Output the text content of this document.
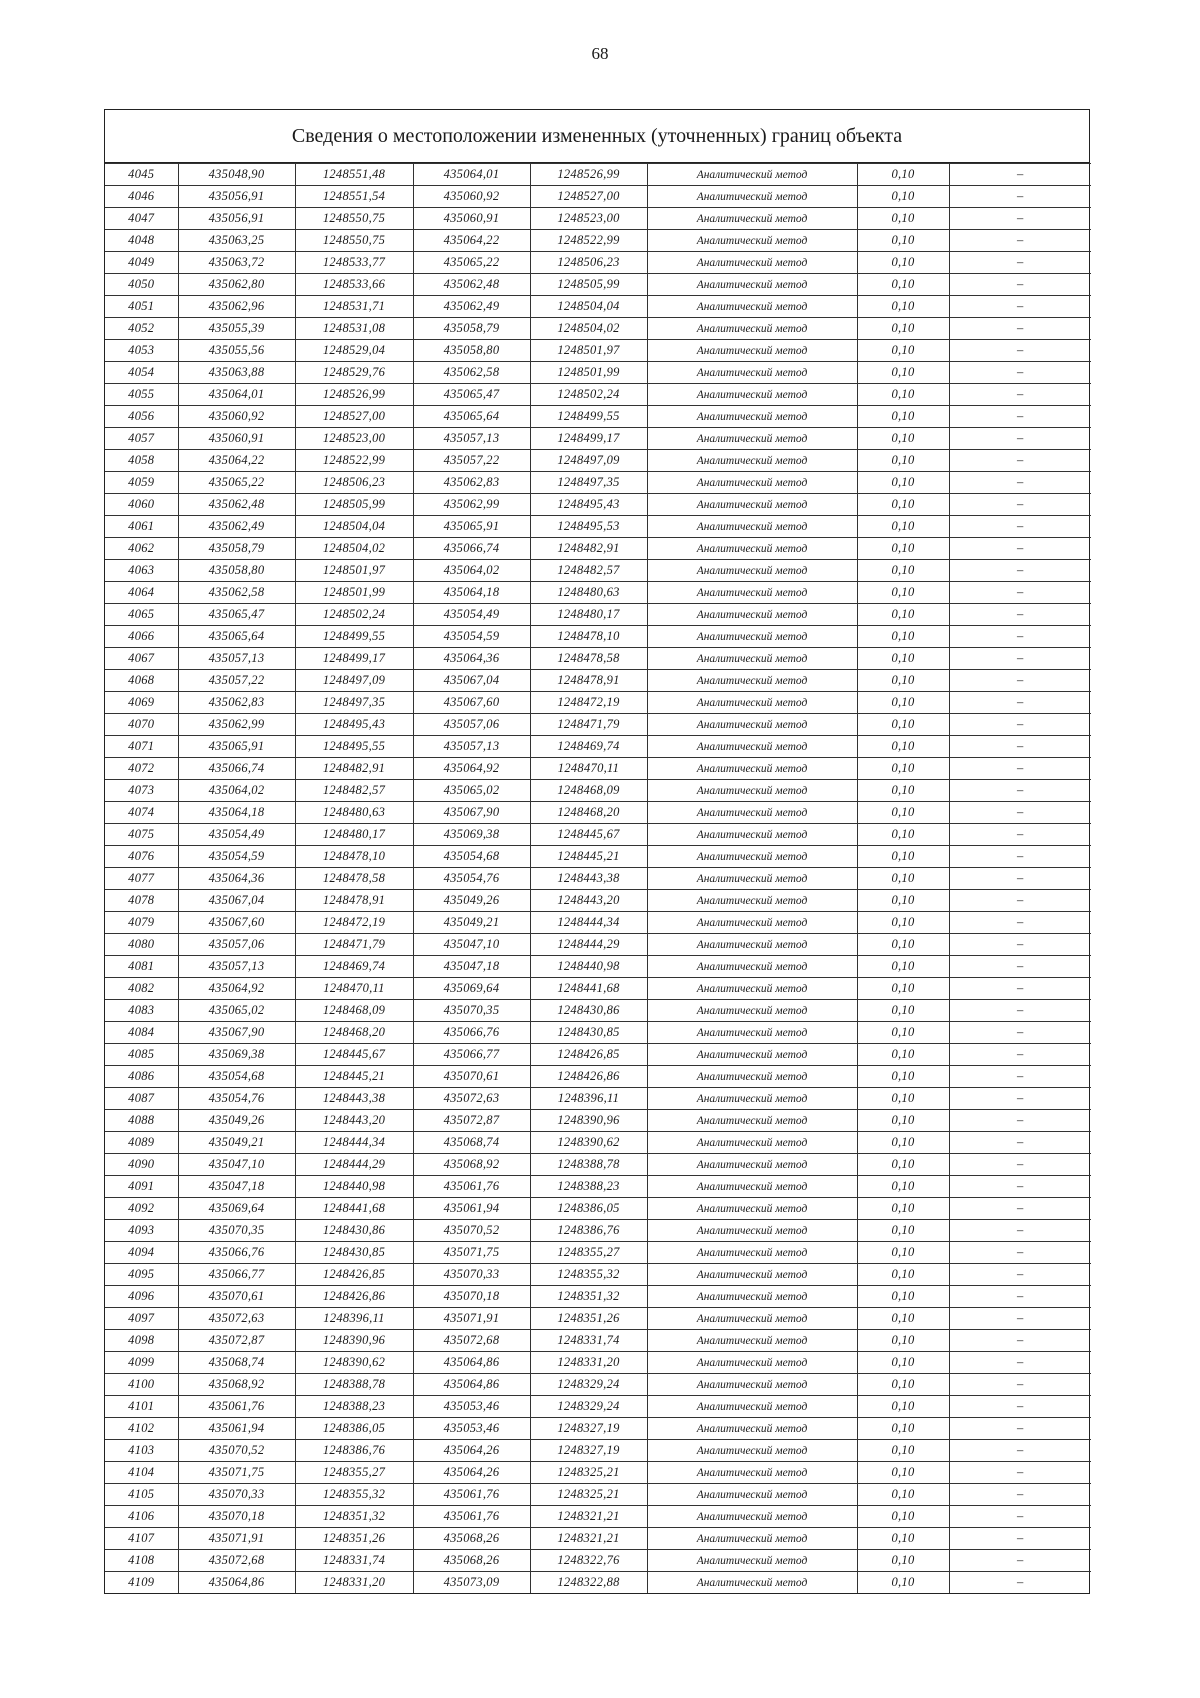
68
Сведения о местоположении измененных (уточненных) границ объекта
4045	435048,90	1248551,48	435064,01	1248526,99	Аналитический метод	0,10	–
4046	435056,91	1248551,54	435060,92	1248527,00	Аналитический метод	0,10	–
4047	435056,91	1248550,75	435060,91	1248523,00	Аналитический метод	0,10	–
4048	435063,25	1248550,75	435064,22	1248522,99	Аналитический метод	0,10	–
4049	435063,72	1248533,77	435065,22	1248506,23	Аналитический метод	0,10	–
4050	435062,80	1248533,66	435062,48	1248505,99	Аналитический метод	0,10	–
4051	435062,96	1248531,71	435062,49	1248504,04	Аналитический метод	0,10	–
4052	435055,39	1248531,08	435058,79	1248504,02	Аналитический метод	0,10	–
4053	435055,56	1248529,04	435058,80	1248501,97	Аналитический метод	0,10	–
4054	435063,88	1248529,76	435062,58	1248501,99	Аналитический метод	0,10	–
4055	435064,01	1248526,99	435065,47	1248502,24	Аналитический метод	0,10	–
4056	435060,92	1248527,00	435065,64	1248499,55	Аналитический метод	0,10	–
4057	435060,91	1248523,00	435057,13	1248499,17	Аналитический метод	0,10	–
4058	435064,22	1248522,99	435057,22	1248497,09	Аналитический метод	0,10	–
4059	435065,22	1248506,23	435062,83	1248497,35	Аналитический метод	0,10	–
4060	435062,48	1248505,99	435062,99	1248495,43	Аналитический метод	0,10	–
4061	435062,49	1248504,04	435065,91	1248495,53	Аналитический метод	0,10	–
4062	435058,79	1248504,02	435066,74	1248482,91	Аналитический метод	0,10	–
4063	435058,80	1248501,97	435064,02	1248482,57	Аналитический метод	0,10	–
4064	435062,58	1248501,99	435064,18	1248480,63	Аналитический метод	0,10	–
4065	435065,47	1248502,24	435054,49	1248480,17	Аналитический метод	0,10	–
4066	435065,64	1248499,55	435054,59	1248478,10	Аналитический метод	0,10	–
4067	435057,13	1248499,17	435064,36	1248478,58	Аналитический метод	0,10	–
4068	435057,22	1248497,09	435067,04	1248478,91	Аналитический метод	0,10	–
4069	435062,83	1248497,35	435067,60	1248472,19	Аналитический метод	0,10	–
4070	435062,99	1248495,43	435057,06	1248471,79	Аналитический метод	0,10	–
4071	435065,91	1248495,55	435057,13	1248469,74	Аналитический метод	0,10	–
4072	435066,74	1248482,91	435064,92	1248470,11	Аналитический метод	0,10	–
4073	435064,02	1248482,57	435065,02	1248468,09	Аналитический метод	0,10	–
4074	435064,18	1248480,63	435067,90	1248468,20	Аналитический метод	0,10	–
4075	435054,49	1248480,17	435069,38	1248445,67	Аналитический метод	0,10	–
4076	435054,59	1248478,10	435054,68	1248445,21	Аналитический метод	0,10	–
4077	435064,36	1248478,58	435054,76	1248443,38	Аналитический метод	0,10	–
4078	435067,04	1248478,91	435049,26	1248443,20	Аналитический метод	0,10	–
4079	435067,60	1248472,19	435049,21	1248444,34	Аналитический метод	0,10	–
4080	435057,06	1248471,79	435047,10	1248444,29	Аналитический метод	0,10	–
4081	435057,13	1248469,74	435047,18	1248440,98	Аналитический метод	0,10	–
4082	435064,92	1248470,11	435069,64	1248441,68	Аналитический метод	0,10	–
4083	435065,02	1248468,09	435070,35	1248430,86	Аналитический метод	0,10	–
4084	435067,90	1248468,20	435066,76	1248430,85	Аналитический метод	0,10	–
4085	435069,38	1248445,67	435066,77	1248426,85	Аналитический метод	0,10	–
4086	435054,68	1248445,21	435070,61	1248426,86	Аналитический метод	0,10	–
4087	435054,76	1248443,38	435072,63	1248396,11	Аналитический метод	0,10	–
4088	435049,26	1248443,20	435072,87	1248390,96	Аналитический метод	0,10	–
4089	435049,21	1248444,34	435068,74	1248390,62	Аналитический метод	0,10	–
4090	435047,10	1248444,29	435068,92	1248388,78	Аналитический метод	0,10	–
4091	435047,18	1248440,98	435061,76	1248388,23	Аналитический метод	0,10	–
4092	435069,64	1248441,68	435061,94	1248386,05	Аналитический метод	0,10	–
4093	435070,35	1248430,86	435070,52	1248386,76	Аналитический метод	0,10	–
4094	435066,76	1248430,85	435071,75	1248355,27	Аналитический метод	0,10	–
4095	435066,77	1248426,85	435070,33	1248355,32	Аналитический метод	0,10	–
4096	435070,61	1248426,86	435070,18	1248351,32	Аналитический метод	0,10	–
4097	435072,63	1248396,11	435071,91	1248351,26	Аналитический метод	0,10	–
4098	435072,87	1248390,96	435072,68	1248331,74	Аналитический метод	0,10	–
4099	435068,74	1248390,62	435064,86	1248331,20	Аналитический метод	0,10	–
4100	435068,92	1248388,78	435064,86	1248329,24	Аналитический метод	0,10	–
4101	435061,76	1248388,23	435053,46	1248329,24	Аналитический метод	0,10	–
4102	435061,94	1248386,05	435053,46	1248327,19	Аналитический метод	0,10	–
4103	435070,52	1248386,76	435064,26	1248327,19	Аналитический метод	0,10	–
4104	435071,75	1248355,27	435064,26	1248325,21	Аналитический метод	0,10	–
4105	435070,33	1248355,32	435061,76	1248325,21	Аналитический метод	0,10	–
4106	435070,18	1248351,32	435061,76	1248321,21	Аналитический метод	0,10	–
4107	435071,91	1248351,26	435068,26	1248321,21	Аналитический метод	0,10	–
4108	435072,68	1248331,74	435068,26	1248322,76	Аналитический метод	0,10	–
4109	435064,86	1248331,20	435073,09	1248322,88	Аналитический метод	0,10	–
